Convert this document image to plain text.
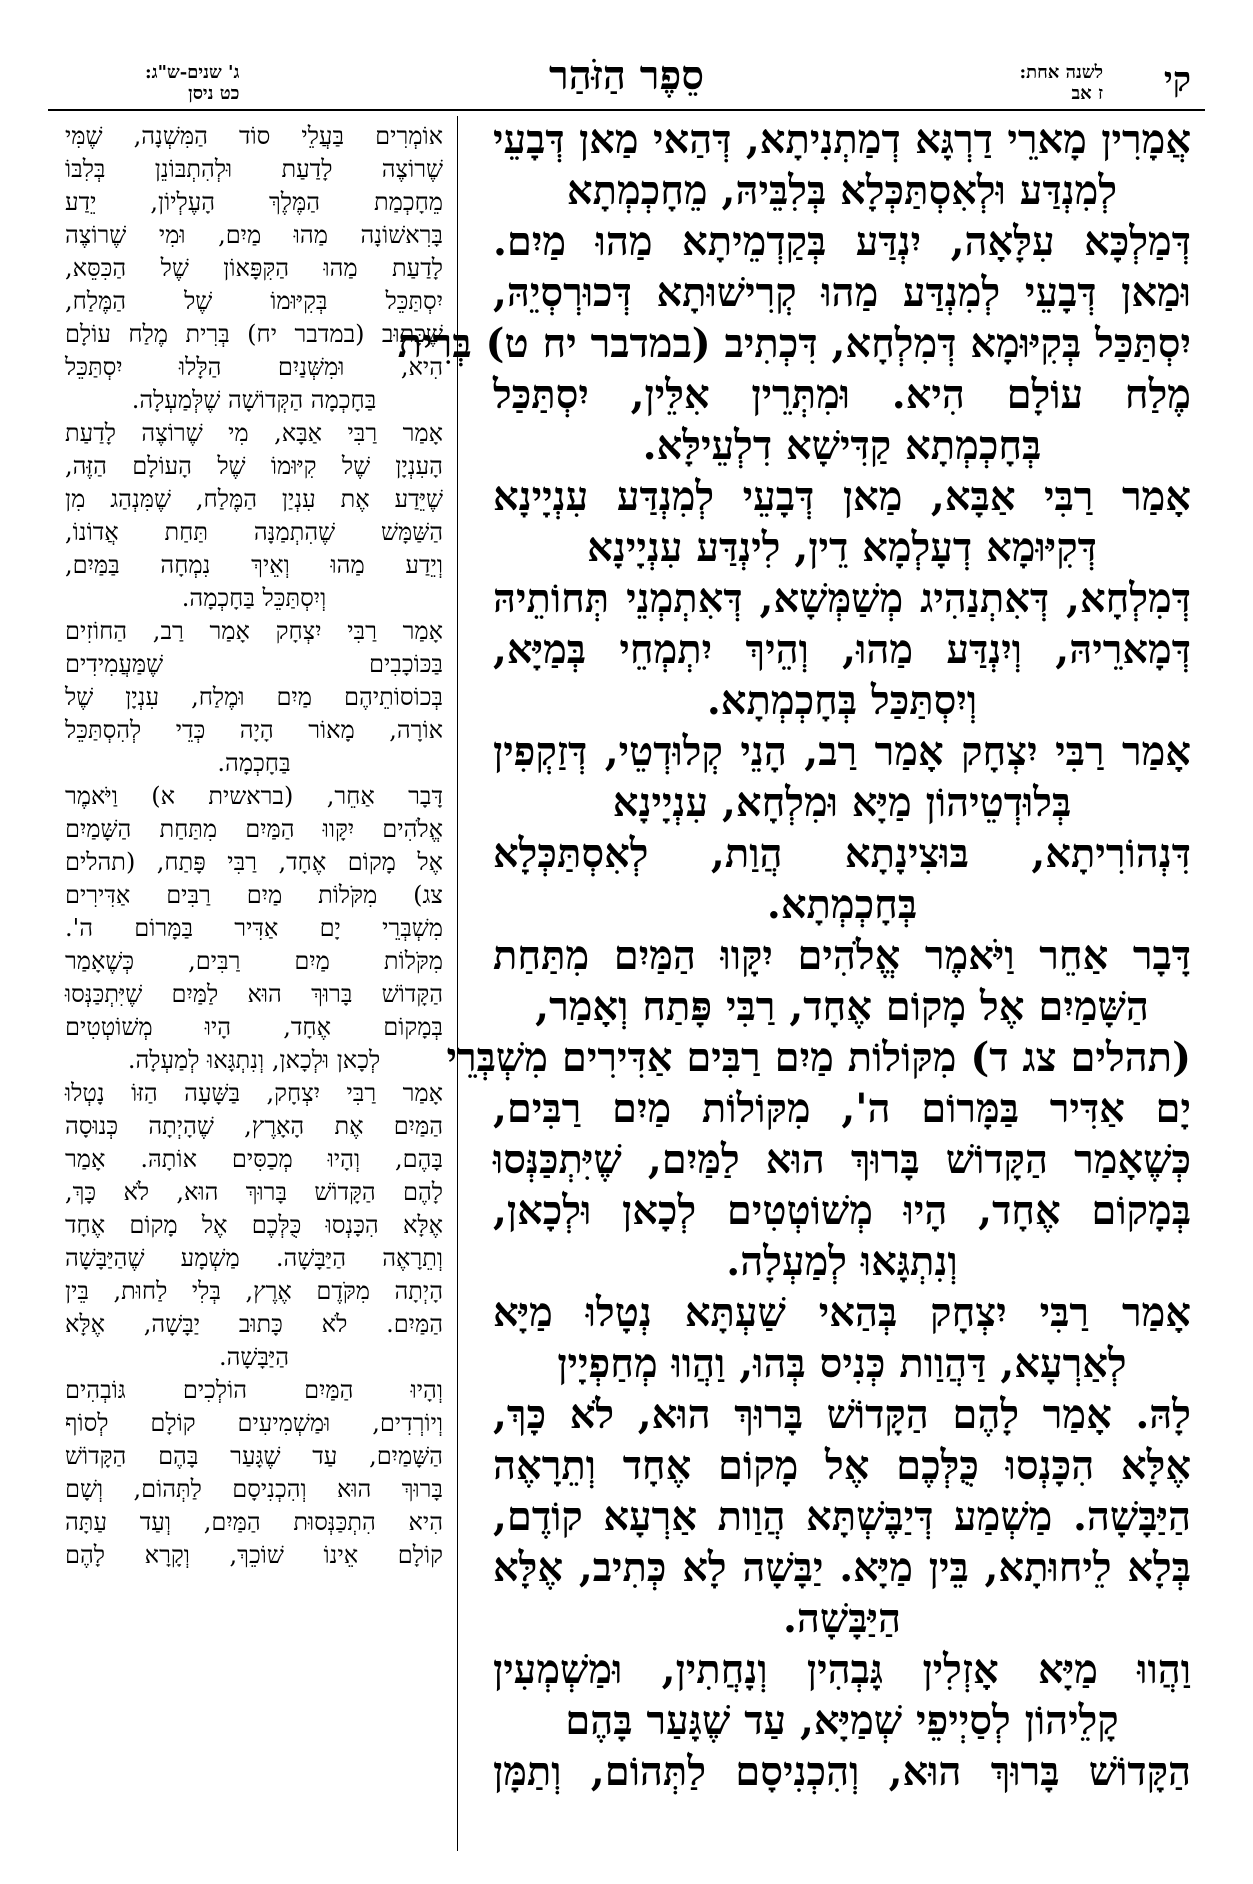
קי
לשנה אחת:
ז אב
סֵפֶר הַזֹּהַר
ג' שנים-ש"ג:
כט ניסן
אֲמָרִין מָארֵי דַרְגָּא דְמַתְנִיתָא, דְּהַאי מַאן דְּבָעֵי
לְמִנְדַּע וּלְאִסְתַּכְּלָא בְּלִבֵּיהּ, מֵחָכְמְתָא
דְּמַלְכָּא עִלָּאָה, יִנְדַּע בְּקַדְמֵיתָא מַהוּ מַיִם.
וּמַאן דְּבָעֵי לְמִנְדַּע מַהוּ קְרִישׁוּתָא דְּכוּרְסְיֵהּ,
יִסְתַּכַּל בְּקִיּוּמָא דְּמִלְחָא, דִּכְתִיב (במדבר יח ט) בְּרִית
מֶלַח עוֹלָם הִיא. וּמִתְּרֵין אִלֵּין, יִסְתַּכַּל
בְּחָכְמְתָא קַדִּישָׁא דִלְעֵילָּא.
אָמַר רַבִּי אַבָּא, מַאן דְּבָעֵי לְמִנְדַּע עִנְיָינָא
דְּקִיּוּמָא דְעָלְמָא דֵין, לִינְדַּע עִנְיָינָא
דְּמִלְחָא, דְּאִתְנַהִיג מְשַׁמְּשָׁא, דְּאִתְמְנֵי תְּחוֹתֵיהּ
דְּמָארֵיהּ, וְיִנְדַּע מַהוּ, וְהֵיךְ יִתְמְחֵי בְּמַיָּא,
וְיִסְתַּכַּל בְּחָכְמְתָא.
אָמַר רַבִּי יִצְחָק אָמַר רַב, הָנֵי קְלוּדְטֵי, דְּזַקְפִין
בְּלוּדְטֵיהוֹן מַיָּא וּמִלְחָא, עִנְיָינָא
דִּנְהוֹרִיתָא, בּוּצִינָתָא הֲוַת, לְאִסְתַּכְּלָא
בְּחָכְמְתָא.
דָּבָר אַחֵר וַיֹּאמֶר אֱלֹהִים יִקָּווּ הַמַּיִם מִתַּחַת
הַשָּׁמַיִם אֶל מָקוֹם אֶחָד, רַבִּי פָּתַח וְאָמַר,
(תהלים צג ד) מִקּוֹלוֹת מַיִם רַבִּים אַדִּירִים מִשְׁבְּרֵי
יָם אַדִּיר בַּמָּרוֹם ה', מִקּוֹלוֹת מַיִם רַבִּים,
כְּשֶׁאָמַר הַקָּדוֹשׁ בָּרוּךְ הוּא לַמַּיִם, שֶׁיִּתְכַּנְּסוּ
בְּמָקוֹם אֶחָד, הָיוּ מְשׁוֹטְטִים לְכָאן וּלְכָאן,
וְנִתְגָּאוּ לְמַעְלָה.
אָמַר רַבִּי יִצְחָק בְּהַאי שַׁעְתָּא נְטָלוּ מַיָּא
לְאַרְעָא, דַּהֲוַות כְּנִיס בְּהוּ, וַהֲווּ מְחַפְיָין
לָהּ. אָמַר לָהֶם הַקָּדוֹשׁ בָּרוּךְ הוּא, לֹא כָּךְ,
אֶלָּא הִכָּנְסוּ כֻּלְּכֶם אֶל מָקוֹם אֶחָד וְתֵרָאֶה
הַיַּבָּשָׁה. מַשְׁמַע דְּיַבֶּשְׁתָּא הֲוַות אַרְעָא קוֹדֶם,
בְּלָא לֵיחוּתָא, בֵּין מַיָּא. יַבָּשָׁה לָא כְּתִיב, אֶלָּא
הַיַּבָּשָׁה.
וַהֲווּ מַיָּא אָזְלִין גָּבְהִין וְנָחֲתִין, וּמַשְׁמְעִין
קָלֵיהוֹן לְסַיְיפֵי שְׁמַיָּא, עַד שֶׁגָּעַר בָּהֶם
הַקָּדוֹשׁ בָּרוּךְ הוּא, וְהִכְנִיסָם לַתְּהוֹם, וְתַמָּן
אוֹמְרִים בַּעֲלֵי סוֹד הַמִּשְׁנָה, שֶׁמִּי
שֶׁרוֹצֶה לָדַעַת וּלְהִתְבּוֹנֵן בְּלִבּוֹ
מֵחָכְמַת הַמֶּלֶךְ הָעֶלְיוֹן, יֵדַע
בָּרִאשׁוֹנָה מַהוּ מַיִם, וּמִי שֶׁרוֹצֶה
לָדַעַת מַהוּ הַקִּפָּאוֹן שֶׁל הַכִּסֵּא,
יִסְתַּכֵּל בְּקִיּוּמוֹ שֶׁל הַמֶּלַח,
שֶׁכָּתוּב (במדבר יח) בְּרִית מֶלַח עוֹלָם
הִיא, וּמִשְּׁנַיִם הַלָּלוּ יִסְתַּכֵּל
בַּחָכְמָה הַקְּדוֹשָׁה שֶׁלְּמַעְלָה.
אָמַר רַבִּי אַבָּא, מִי שֶׁרוֹצֶה לָדַעַת
הָעִנְיָן שֶׁל קִיּוּמוֹ שֶׁל הָעוֹלָם הַזֶּה,
שֶׁיֵּדַע אֶת עִנְיַן הַמֶּלַח, שֶׁמִּנְהַג מִן
הַשַּׁמָּשׁ שֶׁהִתְמַנָּה תַּחַת אֲדוֹנוֹ,
וְיֵדַע מַהוּ וְאֵיךְ נִמְחָה בַּמַּיִם,
וְיִסְתַּכֵּל בַּחָכְמָה.
אָמַר רַבִּי יִצְחָק אָמַר רַב, הַחוֹזִים
בַּכּוֹכָבִים שֶׁמַּעֲמִידִים
בְּכוֹסוֹתֵיהֶם מַיִם וּמֶלַח, עִנְיָן שֶׁל
אוֹרָה, מָאוֹר הָיָה כְּדֵי לְהִסְתַּכֵּל
בַּחָכְמָה.
דָּבָר אַחֵר, (בראשית א) וַיֹּאמֶר
אֱלֹהִים יִקָּווּ הַמַּיִם מִתַּחַת הַשָּׁמַיִם
אֶל מָקוֹם אֶחָד, רַבִּי פָּתַח, (תהלים
צג) מִקֹּלוֹת מַיִם רַבִּים אַדִּירִים
מִשְׁבְּרֵי יָם אַדִּיר בַּמָּרוֹם ה'.
מִקֹּלוֹת מַיִם רַבִּים, כְּשֶׁאָמַר
הַקָּדוֹשׁ בָּרוּךְ הוּא לַמַּיִם שֶׁיִּתְכַּנְּסוּ
בְּמָקוֹם אֶחָד, הָיוּ מְשׁוֹטְטִים
לְכָאן וּלְכָאן, וְנִתְגָּאוּ לְמַעְלָה.
אָמַר רַבִּי יִצְחָק, בַּשָּׁעָה הַזּוֹ נָטְלוּ
הַמַּיִם אֶת הָאָרֶץ, שֶׁהָיְתָה כְּנוּסָה
בָּהֶם, וְהָיוּ מְכַסִּים אוֹתָהּ. אָמַר
לָהֶם הַקָּדוֹשׁ בָּרוּךְ הוּא, לֹא כָּךְ,
אֶלָּא הִכָּנְסוּ כֻּלְּכֶם אֶל מָקוֹם אֶחָד
וְתֵרָאֶה הַיַּבָּשָׁה. מַשְׁמָע שֶׁהַיַּבָּשָׁה
הָיְתָה מִקֹּדֶם אֶרֶץ, בְּלִי לַחוּת, בֵּין
הַמַּיִם. לֹא כָּתוּב יַבָּשָׁה, אֶלָּא
הַיַּבָּשָׁה.
וְהָיוּ הַמַּיִם הוֹלְכִים גּוֹבְהִים
וְיוֹרְדִים, וּמַשְׁמִיעִים קוֹלָם לְסוֹף
הַשָּׁמַיִם, עַד שֶׁגָּעַר בָּהֶם הַקָּדוֹשׁ
בָּרוּךְ הוּא וְהִכְנִיסָם לַתְּהוֹם, וְשָׁם
הִיא הִתְכַּנְּסוּת הַמַּיִם, וְעַד עַתָּה
קוֹלָם אֵינוֹ שׁוֹכֵךְ, וְקָרָא לָהֶם
